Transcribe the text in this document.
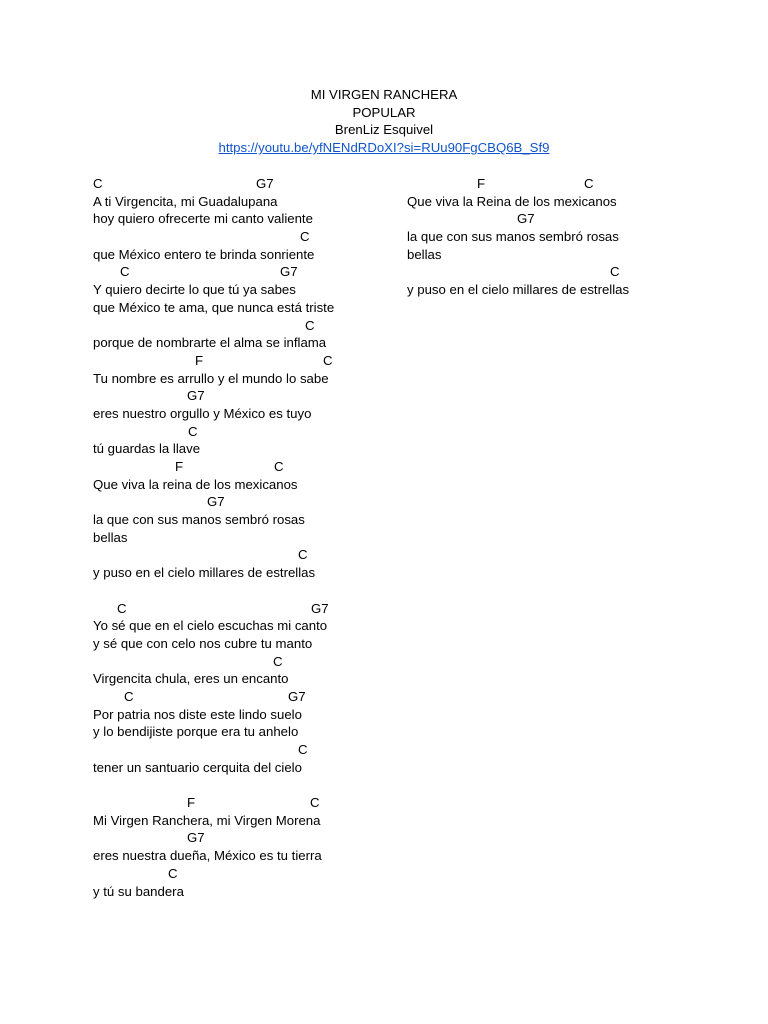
MI VIRGEN RANCHERA
POPULAR
BrenLiz Esquivel
https://youtu.be/yfNENdRDoXI?si=RUu90FgCBQ6B_Sf9
C	G7
A ti Virgencita, mi Guadalupana
hoy quiero ofrecerte mi canto valiente
C
que México entero te brinda sonriente
C	G7
Y quiero decirte lo que tú ya sabes
que México te ama, que nunca está triste
C
porque de nombrarte el alma se inflama
F	C
Tu nombre es arrullo y el mundo lo sabe
G7
eres nuestro orgullo y México es tuyo
C
tú guardas la llave
F	C
Que viva la reina de los mexicanos
G7
la que con sus manos sembró rosas
bellas
C
y puso en el cielo millares de estrellas
C	G7
Yo sé que en el cielo escuchas mi canto
y sé que con celo nos cubre tu manto
C
Virgencita chula, eres un encanto
C	G7
Por patria nos diste este lindo suelo
y lo bendijiste porque era tu anhelo
C
tener un santuario cerquita del cielo
F	C
Mi Virgen Ranchera, mi Virgen Morena
G7
eres nuestra dueña, México es tu tierra
C
y tú su bandera
F	C
Que viva la Reina de los mexicanos
G7
la que con sus manos sembró rosas
bellas
C
y puso en el cielo millares de estrellas
